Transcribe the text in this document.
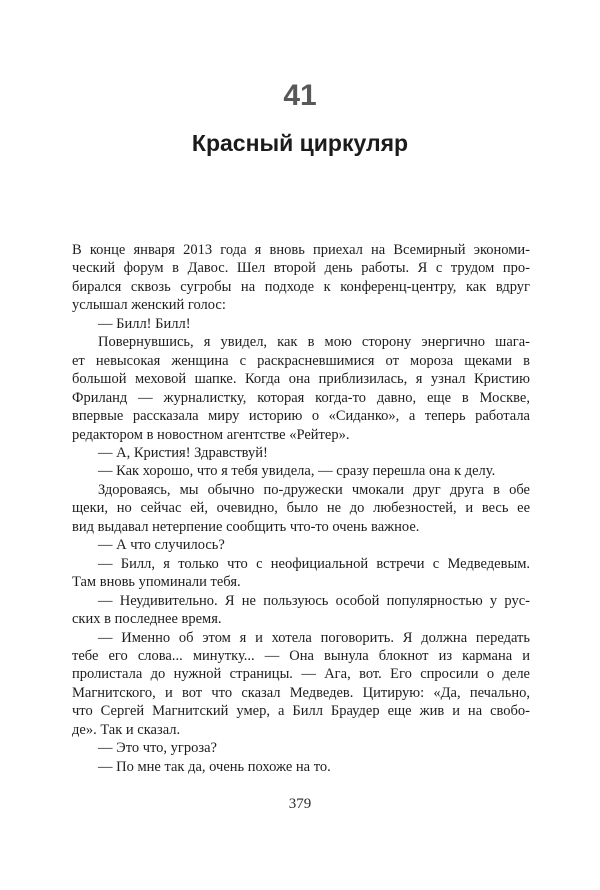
41
Красный циркуляр
В конце января 2013 года я вновь приехал на Всемирный экономи-
ческий форум в Давос. Шел второй день работы. Я с трудом про-
бирался сквозь сугробы на подходе к конференц-центру, как вдруг
услышал женский голос:
— Билл! Билл!
Повернувшись, я увидел, как в мою сторону энергично шага-
ет невысокая женщина с раскрасневшимися от мороза щеками в
большой меховой шапке. Когда она приблизилась, я узнал Кристию
Фриланд — журналистку, которая когда-то давно, еще в Москве,
впервые рассказала миру историю о «Сиданко», а теперь работала
редактором в новостном агентстве «Рейтер».
— А, Кристия! Здравствуй!
— Как хорошо, что я тебя увидела, — сразу перешла она к делу.
Здороваясь, мы обычно по-дружески чмокали друг друга в обе
щеки, но сейчас ей, очевидно, было не до любезностей, и весь ее
вид выдавал нетерпение сообщить что-то очень важное.
— А что случилось?
— Билл, я только что с неофициальной встречи с Медведевым.
Там вновь упоминали тебя.
— Неудивительно. Я не пользуюсь особой популярностью у рус-
ских в последнее время.
— Именно об этом я и хотела поговорить. Я должна передать
тебе его слова... минутку... — Она вынула блокнот из кармана и
пролистала до нужной страницы. — Ага, вот. Его спросили о деле
Магнитского, и вот что сказал Медведев. Цитирую: «Да, печально,
что Сергей Магнитский умер, а Билл Браудер еще жив и на свобо-
де». Так и сказал.
— Это что, угроза?
— По мне так да, очень похоже на то.
379
